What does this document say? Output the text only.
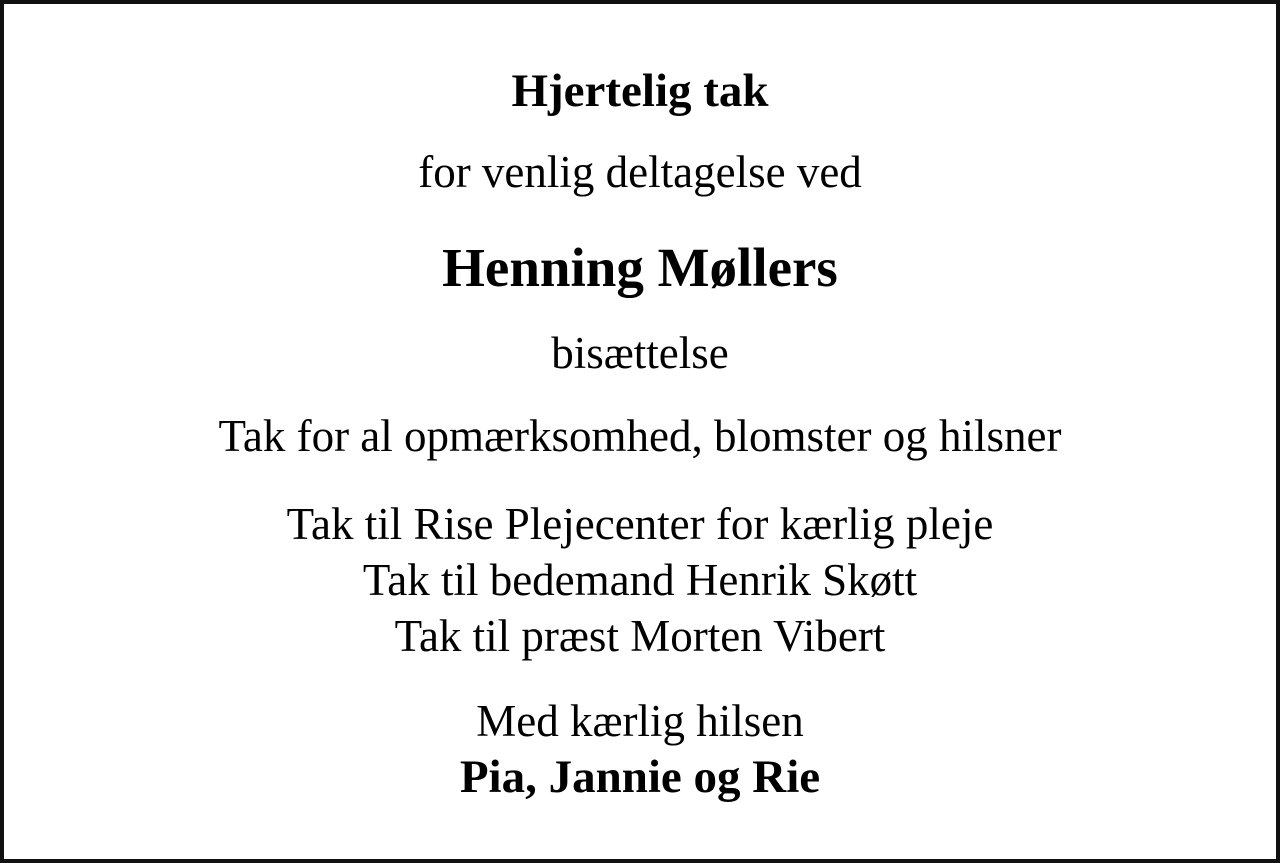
Hjertelig tak
for venlig deltagelse ved
Henning Møllers
bisættelse
Tak for al opmærksomhed, blomster og hilsner
Tak til Rise Plejecenter for kærlig pleje
Tak til bedemand Henrik Skøtt
Tak til præst Morten Vibert
Med kærlig hilsen
Pia, Jannie og Rie
